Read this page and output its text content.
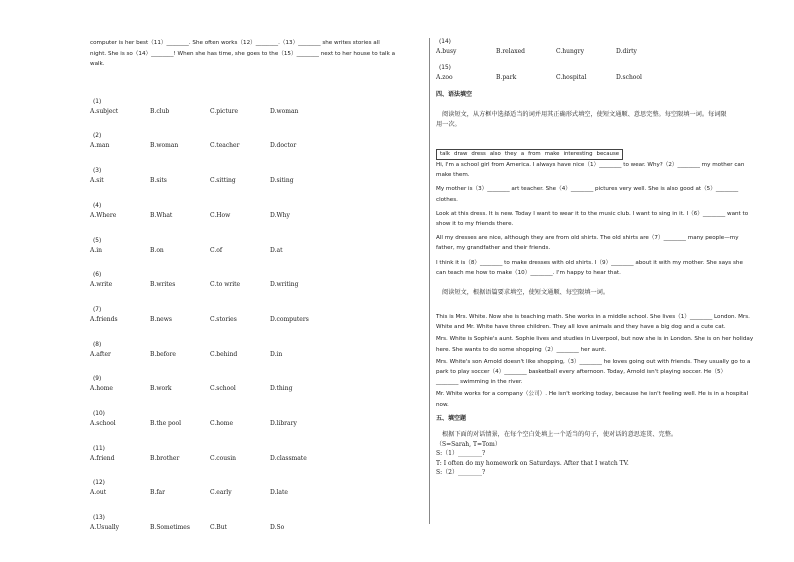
computer is her best（11）________. She often works（12）________.（13）________ she writes stories all

night. She is so（14）________! When she has time, she goes to the（15）________ next to her house to talk a

walk.

(1)
A.subject	B.club	C.picture	D.woman
(2)
A.man	B.woman	C.teacher	D.doctor
(3)
A.sit	B.sits	C.sitting	D.siting
(4)
A.Where	B.What	C.How	D.Why
(5)
A.in	B.on	C.of	D.at
(6)
A.write	B.writes	C.to write	D.writing
(7)
A.friends	B.news	C.stories	D.computers
(8)
A.after	B.before	C.behind	D.in
(9)
A.home	B.work	C.school	D.thing
(10)
A.school	B.the pool	C.home	D.library
(11)
A.friend	B.brother	C.cousin	D.classmate
(12)
A.out	B.far	C.early	D.late
(13)
A.Usually	B.Sometimes	C.But	D.So
(14)
A.busy	B.relaxed	C.hungry	D.dirty
(15)
A.zoo	B.park	C.hospital	D.school
四、语法填空

阅读短文，从方框中选择适当的词并用其正确形式填空，使短文通顺、意思完整。每空限填一词。每词限

用一次。

talk draw dress also they a from make interesting because

Hi, I'm a school girl from America. I always have nice（1）________ to wear. Why?（2）________ my mother can

make them.

My mother is（3）________ art teacher. She（4）________ pictures very well. She is also good at（5）________

clothes.

Look at this dress. It is new. Today I want to wear it to the music club. I want to sing in it. I（6）________ want to

show it to my friends there.

All my dresses are nice, although they are from old shirts. The old shirts are（7）________ many people—my

father, my grandfather and their friends.

I think it is（8）________ to make dresses with old shirts. I（9）________ about it with my mother. She says she

can teach me how to make（10）________. I'm happy to hear that.

阅读短文，根据语篇要求填空，使短文通顺、每空限填一词。

This is Mrs. White. Now she is teaching math. She works in a middle school. She lives（1）________ London. Mrs.

White and Mr. White have three children. They all love animals and they have a big dog and a cute cat.

Mrs. White is Sophie's aunt. Sophie lives and studies in Liverpool, but now she is in London. She is on her holiday

here. She wants to do some shopping（2）________ her aunt.

Mrs. White's son Arnold doesn't like shopping,（3）________ he loves going out with friends. They usually go to a

park to play soccer（4）________ basketball every afternoon. Today, Arnold isn't playing soccer. He（5）

________ swimming in the river.

Mr. White works for a company（公司）. He isn't working today, because he isn't feeling well. He is in a hospital

now.

五、填空题

根据下面的对话情景，在每个空白处填上一个适当的句子，使对话的意思连贯、完整。

（S=Sarah, T=Tom）

S:（1）________?

T: I often do my homework on Saturdays. After that I watch TV.

S:（2）________?
